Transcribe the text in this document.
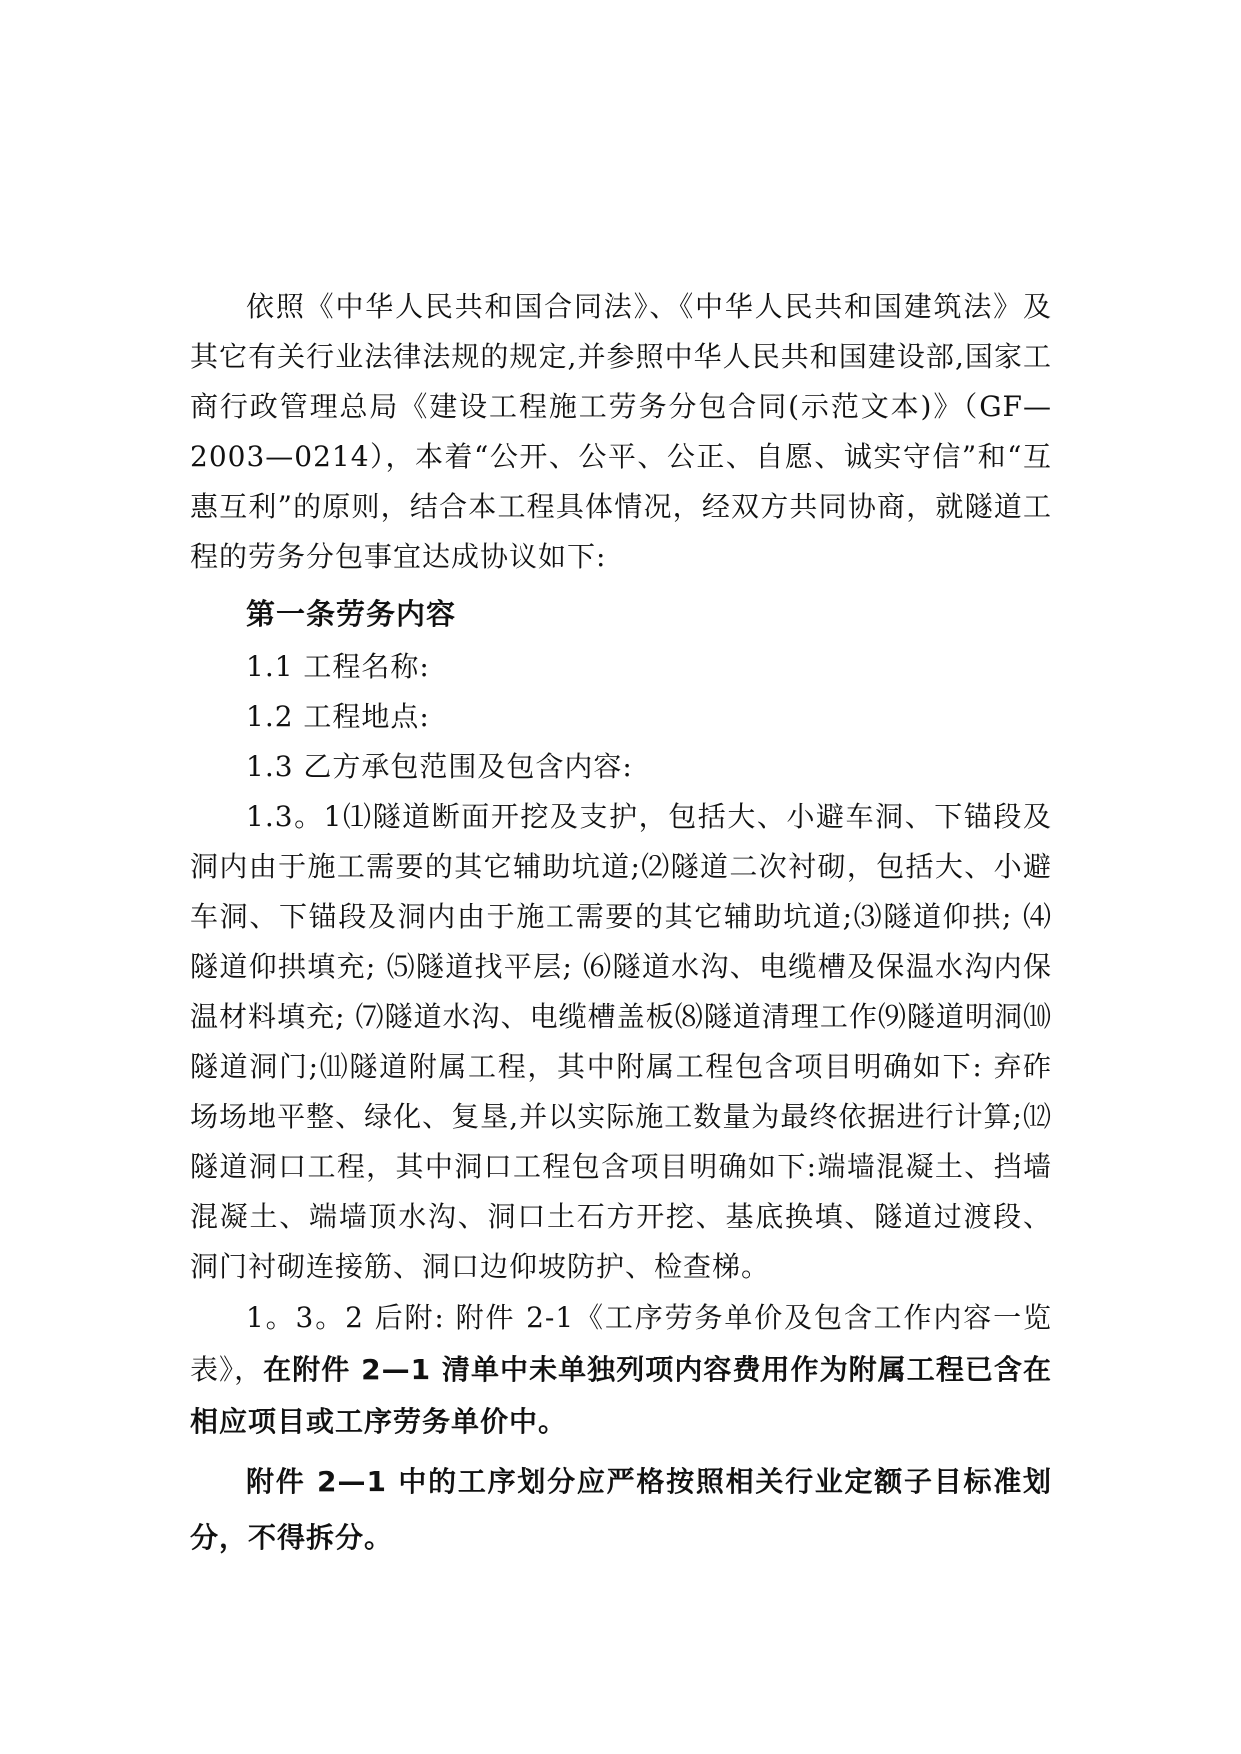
依照《中华人民共和国合同法》、《中华人民共和国建筑法》及其它有关行业法律法规的规定,并参照中华人民共和国建设部,国家工商行政管理总局《建设工程施工劳务分包合同(示范文本)》（GF—2003—0214），本着“公开、公平、公正、自愿、诚实守信”和“互惠互利”的原则，结合本工程具体情况，经双方共同协商，就隧道工程的劳务分包事宜达成协议如下:

第一条劳务内容

1.1 工程名称:

1.2 工程地点:

1.3 乙方承包范围及包含内容:

1.3。1⑴隧道断面开挖及支护，包括大、小避车洞、下锚段及洞内由于施工需要的其它辅助坑道;⑵隧道二次衬砌，包括大、小避车洞、下锚段及洞内由于施工需要的其它辅助坑道;⑶隧道仰拱; ⑷隧道仰拱填充; ⑸隧道找平层; ⑹隧道水沟、电缆槽及保温水沟内保温材料填充; ⑺隧道水沟、电缆槽盖板⑻隧道清理工作⑼隧道明洞⑽隧道洞门;⑾隧道附属工程，其中附属工程包含项目明确如下: 弃砟场场地平整、绿化、复垦,并以实际施工数量为最终依据进行计算;⑿隧道洞口工程，其中洞口工程包含项目明确如下:端墙混凝土、挡墙混凝土、端墙顶水沟、洞口土石方开挖、基底换填、隧道过渡段、洞门衬砌连接筋、洞口边仰坡防护、检查梯。

1。3。2 后附: 附件 2-1《工序劳务单价及包含工作内容一览表》，在附件 2—1 清单中未单独列项内容费用作为附属工程已含在相应项目或工序劳务单价中。

附件 2—1 中的工序划分应严格按照相关行业定额子目标准划分，不得拆分。
